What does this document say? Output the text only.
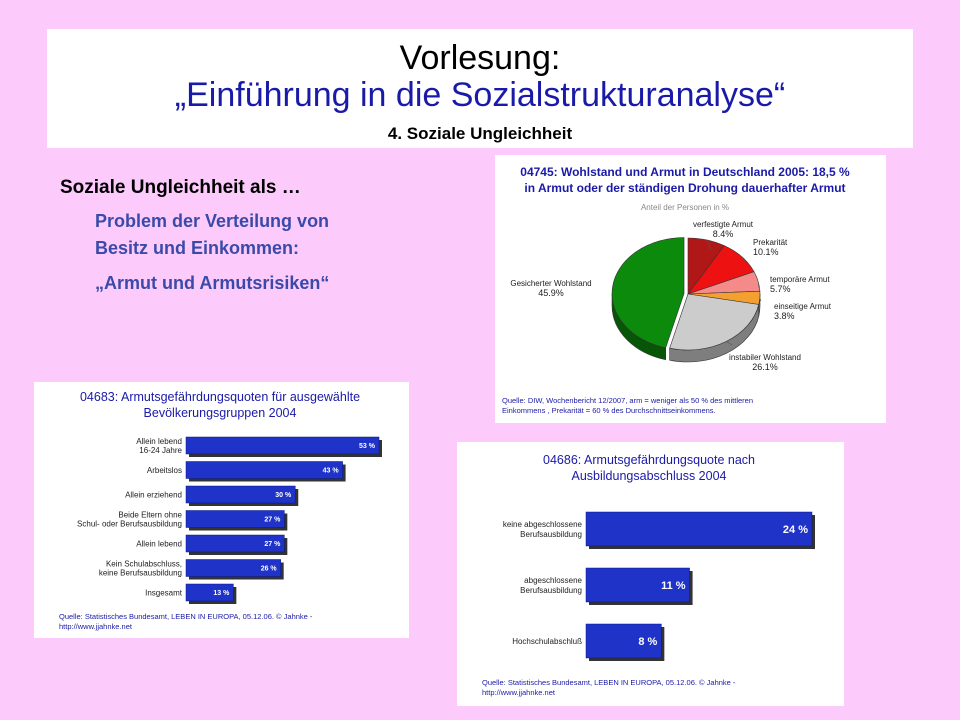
Vorlesung:
„Einführung in die Sozialstrukturanalyse“
4. Soziale Ungleichheit
Soziale Ungleichheit als …
Problem der Verteilung von
Besitz und Einkommen:
„Armut und Armutsrisiken“
04745: Wohlstand und Armut in Deutschland 2005: 18,5 %
in Armut oder der ständigen Drohung dauerhafter Armut
Anteil der Personen in %
verfestigte Armut
8.4%
Prekarität
10.1%
temporäre Armut
5.7%
einseitige Armut
3.8%
instabiler Wohlstand
26.1%
Gesicherter Wohlstand
45.9%
Quelle: DIW, Wochenbericht 12/2007, arm = weniger als 50 % des mittleren
Einkommens , Prekarität = 60 % des Durchschnittseinkommens.
04683: Armutsgefährdungsquoten für ausgewählte
Bevölkerungsgruppen 2004
53 %
Allein lebend
16-24 Jahre
43 %
Arbeitslos
30 %
Allein erziehend
27 %
Beide Eltern ohne
Schul- oder Berufsausbildung
27 %
Allein lebend
26 %
Kein Schulabschluss,
keine Berufsausbildung
13 %
Insgesamt
Quelle: Statistisches Bundesamt, LEBEN IN EUROPA, 05.12.06. © Jahnke -
http://www.jjahnke.net
04686: Armutsgefährdungsquote nach
Ausbildungsabschluss 2004
24 %
keine abgeschlossene
Berufsausbildung
11 %
abgeschlossene
Berufsausbildung
8 %
Hochschulabschluß
Quelle: Statistisches Bundesamt, LEBEN IN EUROPA, 05.12.06. © Jahnke -
http://www.jjahnke.net
